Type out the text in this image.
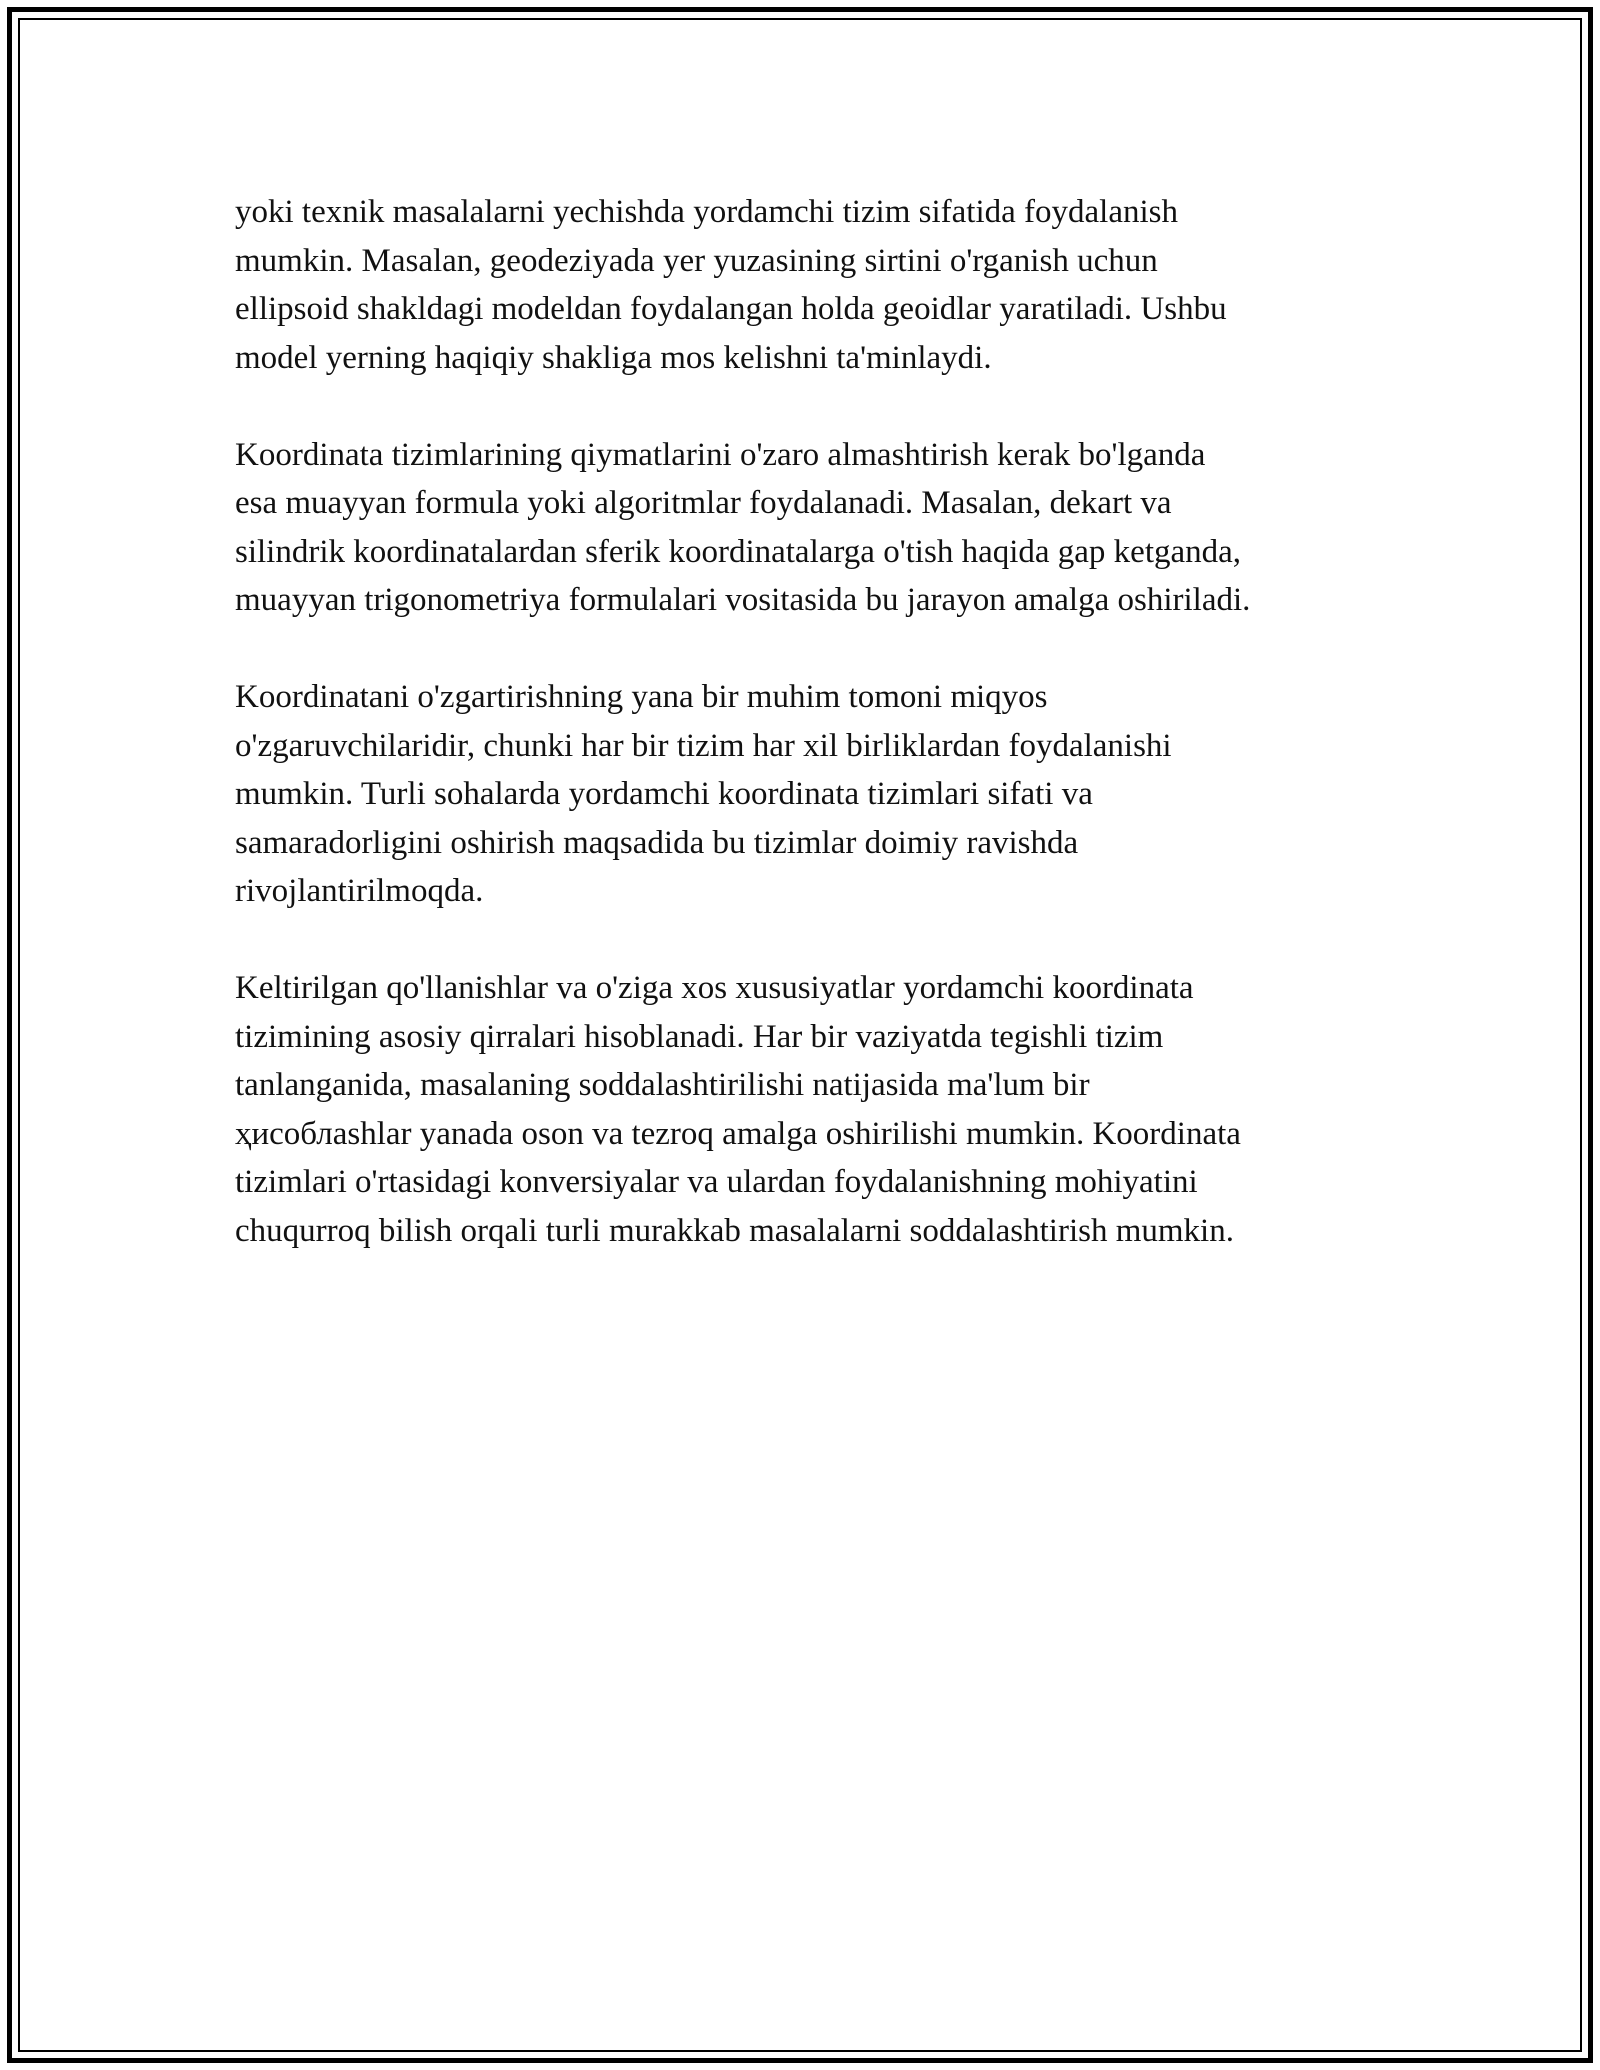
yoki texnik masalalarni yechishda yordamchi tizim sifatida foydalanish
mumkin. Masalan, geodeziyada yer yuzasining sirtini o'rganish uchun
ellipsoid shakldagi modeldan foydalangan holda geoidlar yaratiladi. Ushbu
model yerning haqiqiy shakliga mos kelishni ta'minlaydi.

Koordinata tizimlarining qiymatlarini o'zaro almashtirish kerak bo'lganda
esa muayyan formula yoki algoritmlar foydalanadi. Masalan, dekart va
silindrik koordinatalardan sferik koordinatalarga o'tish haqida gap ketganda,
muayyan trigonometriya formulalari vositasida bu jarayon amalga oshiriladi.

Koordinatani o'zgartirishning yana bir muhim tomoni miqyos
o'zgaruvchilaridir, chunki har bir tizim har xil birliklardan foydalanishi
mumkin. Turli sohalarda yordamchi koordinata tizimlari sifati va
samaradorligini oshirish maqsadida bu tizimlar doimiy ravishda
rivojlantirilmoqda.

Keltirilgan qo'llanishlar va o'ziga xos xususiyatlar yordamchi koordinata
tizimining asosiy qirralari hisoblanadi. Har bir vaziyatda tegishli tizim
tanlanganida, masalaning soddalashtirilishi natijasida ma'lum bir
ҳисоблashlar yanada oson va tezroq amalga oshirilishi mumkin. Koordinata
tizimlari o'rtasidagi konversiyalar va ulardan foydalanishning mohiyatini
chuqurroq bilish orqali turli murakkab masalalarni soddalashtirish mumkin.
